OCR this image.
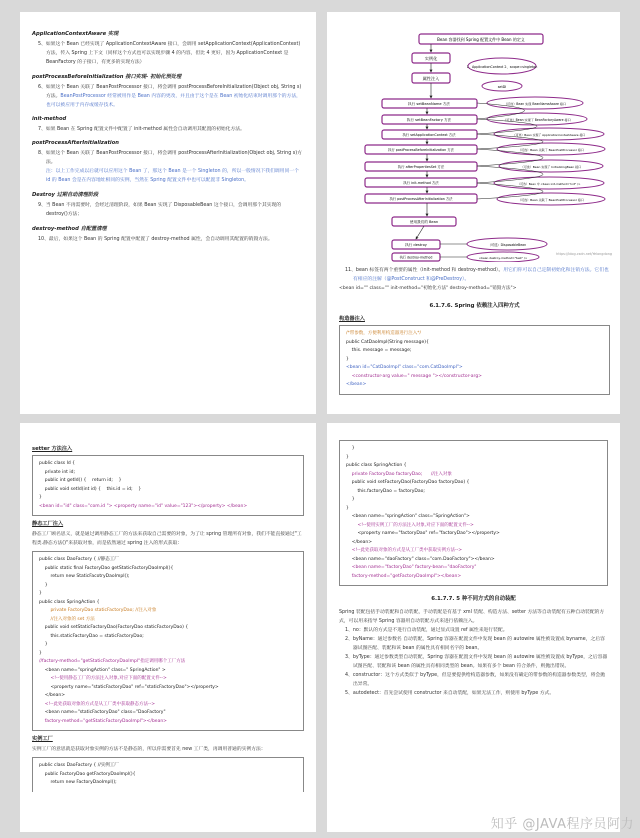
ApplicationContextAware 实现
5、如果这个 Bean 已经实现了 ApplicationContextAware 接口，会调用 setApplicationContext(ApplicationContext)方法，传入 Spring 上下文（同样这个方式也可以实现步骤 4 的内容，但比 4 更好，因为 ApplicationContext 是 BeanFactory 的子接口，有更多的实现方法）
postProcessBeforeInitialization 接口实现- 初始化预处理
6、如果这个 Bean 关联了 BeanPostProcessor 接口，将会调用 postProcessBeforeInitialization(Object obj, String s)方法。BeanPostProcessor 经常被用作是 Bean 内容的更改，并且由于这个是在 Bean 初始化结束时调用那个的方法，也可以被应用于内存或缓存技术。
init-method
7、如果 Bean 在 Spring 配置文件中配置了 init-method 属性会自动调用其配置的初始化方法。
postProcessAfterInitialization
8、如果这个 Bean 关联了 BeanPostProcessor 接口，将会调用 postProcessAfterInitialization(Object obj, String s)方法。
注：以上工作完成以后就可以应用这个 Bean 了，那这个 Bean 是一个 Singleton 的，所以一般情况下我们调用同一个 id 的 Bean 会是在内容地址相同的实例，当然在 Spring 配置文件中也可以配置非 Singleton。
Destroy 过期自动清理阶段
9、当 Bean 不再需要时，会经过清理阶段，如果 Bean 实现了 DisposableBean 这个接口，会调用那个其实现的 destroy()方法；
destroy-method 自配置清理
10、最后，如果这个 Bean 的 Spring 配置中配置了 destroy-method 属性，会自动调用其配置的销毁方法。
Bean 容器找到 Spring 配置文件中 Bean 的定义
实例化
属性注入
1、ApplicationContext 2、scope=singleton
setDI
执行 setBeanName 方法
执行 setBeanFactory 方法
执行 setApplicationContext 方法
执行 postProcessBeforeInitialization 方法
执行 afterPropertiesSet 方法
执行 init-method 方法
执行 postProcessAfterInitialization 方法
使用我们的 Bean
执行 destroy
执行 destroy-method
（可选）Bean 实现 BeanNameAware 接口
（可选）Bean 实现了 BeanFactoryAware 接口
（可选）Bean 实现了 ApplicationContextAware 接口
（可选）Bean 关联了 BeanPostProcessor 接口
（可选）Bean 实现了 InitializingBean 接口
（可选）Bean 中 <bean init-method="init" />
（可选）Bean 关联了 BeanPostProcessor 接口
（可选）DisposableBean
<bean destroy-method="test" />
https://blog.csdn.net/Yelongdong
11、bean 标签有两个重要的属性（init-method 和 destroy-method）。用它们你可以自己定制初始化和注销方法。它们也有相应的注解（@PostConstruct 和@PreDestroy）。
<bean id="" class="" init-method="初始化方法" destroy-method="销毁方法">
6.1.7.6. Spring 依赖注入四种方式
构造器注入
/*带参数，方便利用构造器进行注入*/
public CatDaoImpl(String message){
this. message = message;
}
<bean id="CatDaoImpl" class="com.CatDaoImpl">
<constructor-arg value=" message "></constructor-arg>
</bean>
setter 方法注入
public class Id {
private int id;
public int getId() {    return id;    }
public void setId(int id) {    this.id = id;    }
}
<bean id="id" class="com.id "> <property name="id" value="123"></property> </bean>
静态工厂注入
静态工厂顾名思义，就是通过调用静态工厂的方法来获取自己需要的对象，为了让 spring 管理所有对象，我们不能直接通过"工程类.静态方法()"来获取对象，而是依然通过 spring 注入的形式获取：
public class DaoFactory { //静态工厂
public static final FactoryDao getStaticFactoryDaoImpl(){
return new StaticFacotryDaoImpl();
}
}
public class SpringAction {
private FactoryDao staticFactoryDao; //注入对象
//注入对象的 set 方法
public void setStaticFactoryDao(FactoryDao staticFactoryDao) {
this.staticFactoryDao = staticFactoryDao;
}
}
//factory-method="getStaticFactoryDaoImpl"指定调用哪个工厂方法
<bean name="springAction" class=" SpringAction" >
<!--使用静态工厂的方法注入对象,对应下面的配置文件-->
<property name="staticFactoryDao" ref="staticFactoryDao"></property>
</bean>
<!--此处获取对象的方式是从工厂类中获取静态方法-->
<bean name="staticFactoryDao" class="DaoFactory"
factory-method="getStaticFactoryDaoImpl"></bean>
实例工厂
实例工厂的意思就是获取对象实例的方法不是静态的，所以你需要首先 new 工厂类，再调用普通的实例方法：
public class DaoFactory { //实例工厂
public FactoryDao getFactoryDaoImpl(){
return new FactoryDaoImpl();
}
}
public class SpringAction {
private FactoryDao factoryDao;      //注入对象
public void setFactoryDao(FactoryDao factoryDao) {
this.factoryDao = factoryDao;
}
}
<bean name="springAction" class="SpringAction">
<!--使用实例工厂的方法注入对象,对应下面的配置文件-->
<property name="factoryDao" ref="factoryDao"></property>
</bean>
<!--此处获取对象的方式是从工厂类中获取实例方法-->
<bean name="daoFactory" class="com.DaoFactory"></bean>
<bean name="factoryDao" factory-bean="daoFactory"
factory-method="getFactoryDaoImpl"></bean>
6.1.7.7. 5 种不同方式的自动装配
Spring 装配包括手动装配和自动装配，手动装配是有基于 xml 装配、构造方法、setter 方法等自动装配有五种自动装配的方式，可以用来指导 Spring 容器用自动装配方式来进行依赖注入。
1、no：默认的方式是不进行自动装配，通过显式设置 ref 属性来进行装配。
2、byName：通过参数名 自动装配，Spring 容器在配置文件中发现 bean 的 autowire 属性被设置成 byname，之后容器试图匹配、装配和该 bean 的属性具有相同名字的 bean。
3、byType：通过参数类型自动装配，Spring 容器在配置文件中发现 bean 的 autowire 属性被设置成 byType，之后容器试图匹配、装配和该 bean 的属性具有相同类型的 bean。如果有多个 bean 符合条件，则抛出错误。
4、constructor：这个方式类似于 byType，但是要提供给构造器参数，如果没有确定的带参数的构造器参数类型，将会抛出异常。
5、autodetect：首先尝试使用 constructor 来自动装配，如果无法工作，则使用 byType 方式。
知乎 @JAVA程序员阿力
